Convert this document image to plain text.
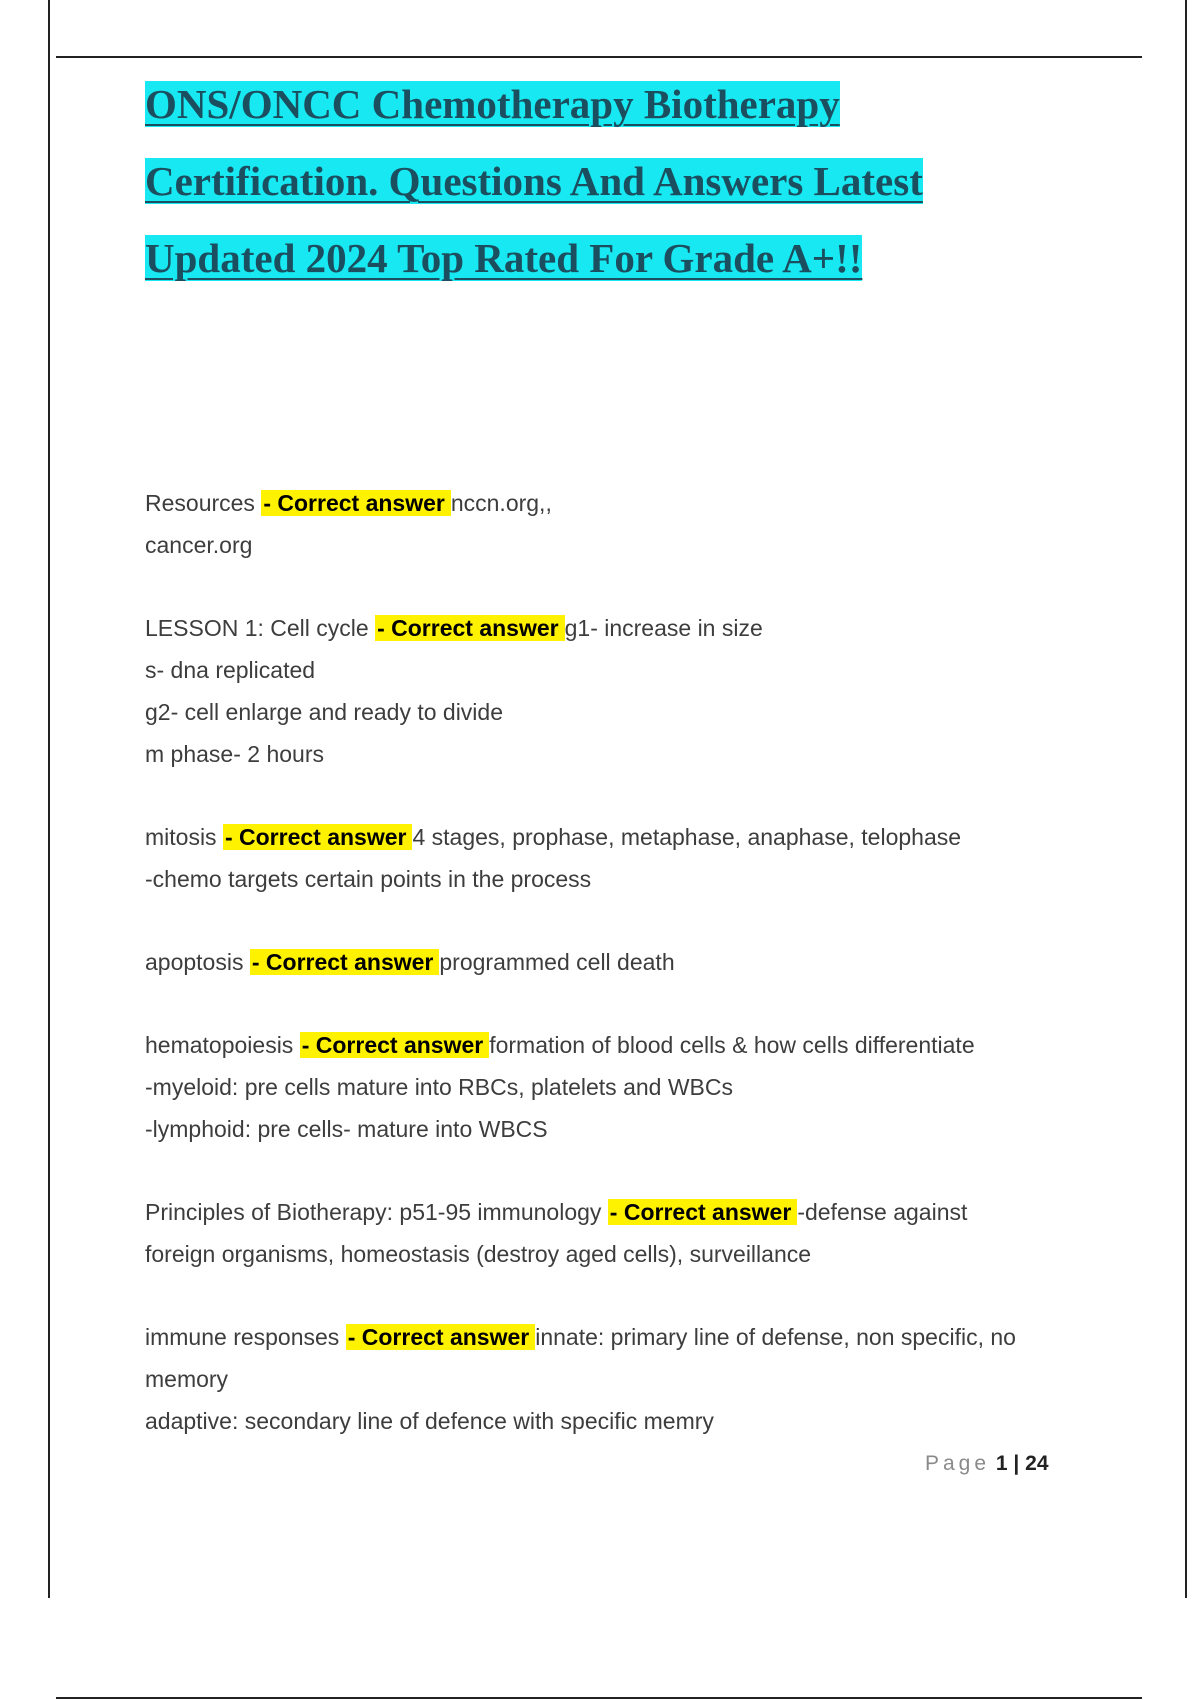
ONS/ONCC Chemotherapy Biotherapy
Certification. Questions And Answers Latest
Updated 2024 Top Rated For Grade A+!!

Resources - Correct answer nccn.org,,
cancer.org

LESSON 1: Cell cycle - Correct answer g1- increase in size
s- dna replicated
g2- cell enlarge and ready to divide
m phase- 2 hours

mitosis - Correct answer 4 stages, prophase, metaphase, anaphase, telophase
-chemo targets certain points in the process

apoptosis - Correct answer programmed cell death

hematopoiesis - Correct answer formation of blood cells & how cells differentiate
-myeloid: pre cells mature into RBCs, platelets and WBCs
-lymphoid: pre cells- mature into WBCS

Principles of Biotherapy: p51-95 immunology - Correct answer -defense against
foreign organisms, homeostasis (destroy aged cells), surveillance

immune responses - Correct answer innate: primary line of defense, non specific, no
memory
adaptive: secondary line of defence with specific memry

Page 1 | 24
